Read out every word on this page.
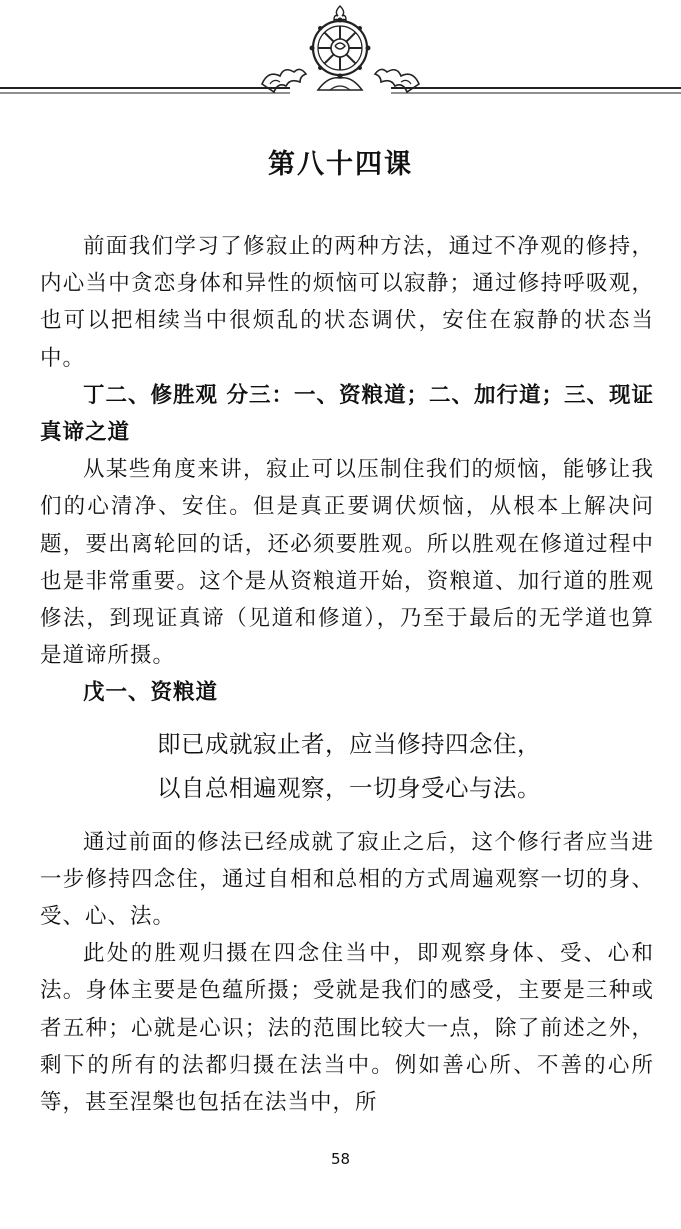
第八十四课

前面我们学习了修寂止的两种方法，通过不净观的修持，内心当中贪恋身体和异性的烦恼可以寂静；通过修持呼吸观，也可以把相续当中很烦乱的状态调伏，安住在寂静的状态当中。

丁二、修胜观 分三：一、资粮道；二、加行道；三、现证真谛之道

从某些角度来讲，寂止可以压制住我们的烦恼，能够让我们的心清净、安住。但是真正要调伏烦恼，从根本上解决问题，要出离轮回的话，还必须要胜观。所以胜观在修道过程中也是非常重要。这个是从资粮道开始，资粮道、加行道的胜观修法，到现证真谛（见道和修道），乃至于最后的无学道也算是道谛所摄。

戊一、资粮道

即已成就寂止者，应当修持四念住，
以自总相遍观察，一切身受心与法。

通过前面的修法已经成就了寂止之后，这个修行者应当进一步修持四念住，通过自相和总相的方式周遍观察一切的身、受、心、法。

此处的胜观归摄在四念住当中，即观察身体、受、心和法。身体主要是色蕴所摄；受就是我们的感受，主要是三种或者五种；心就是心识；法的范围比较大一点，除了前述之外，剩下的所有的法都归摄在法当中。例如善心所、不善的心所等，甚至涅槃也包括在法当中，所

58
